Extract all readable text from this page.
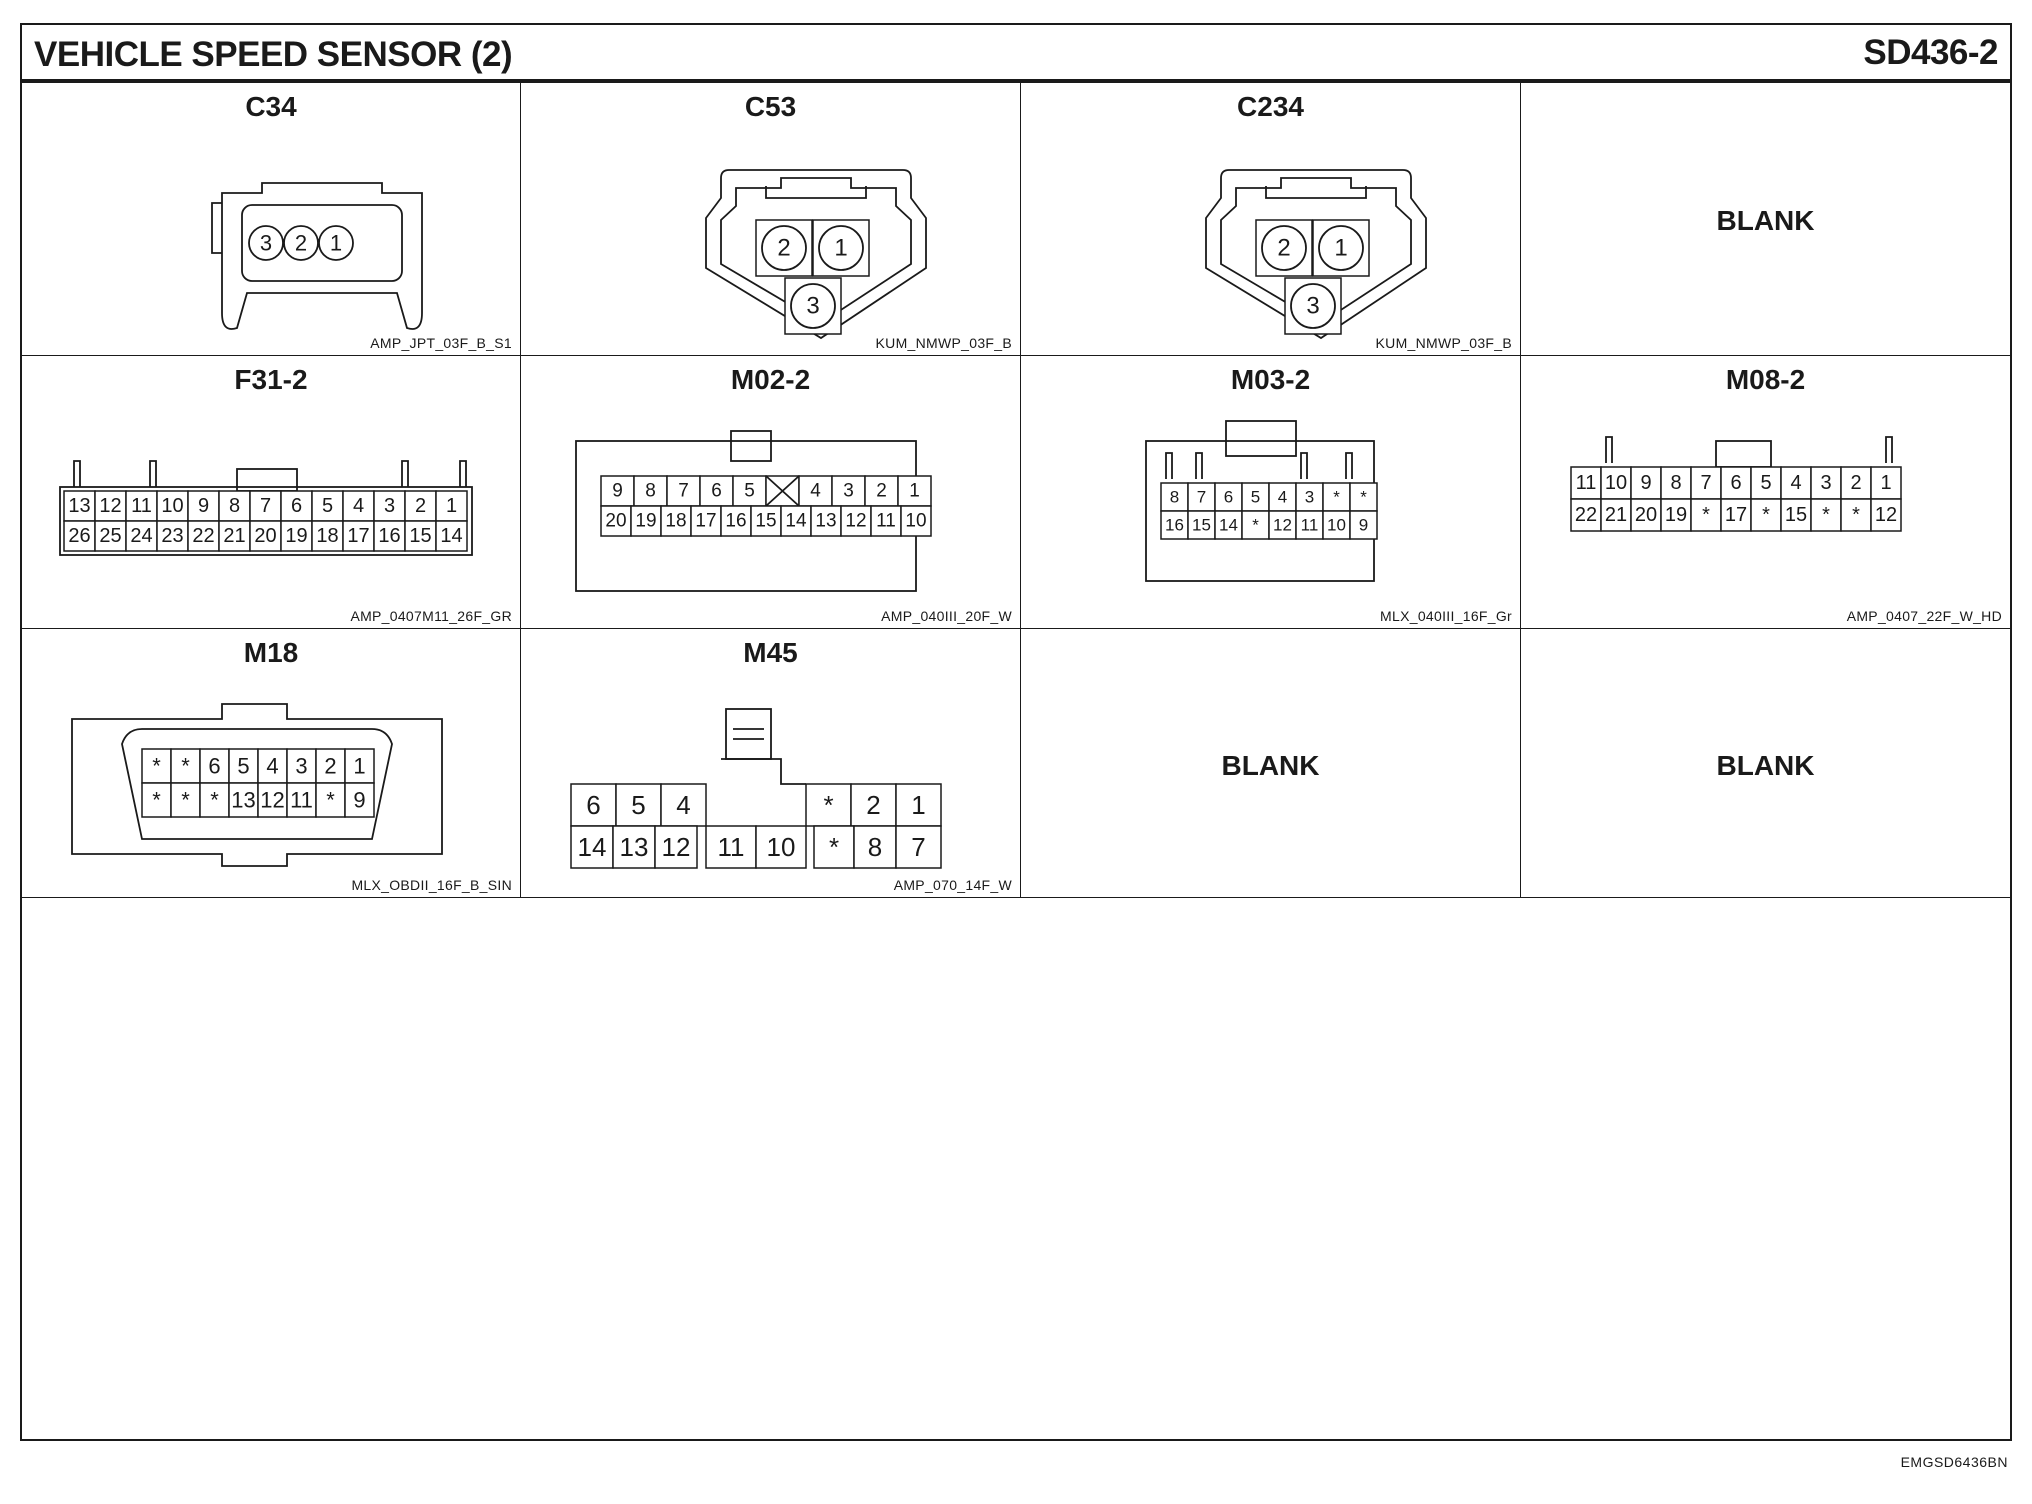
VEHICLE SPEED SENSOR (2)	SD436-2
C34
AMP_JPT_03F_B_S1
3 2 1
C53
KUM_NMWP_03F_B
2 1
3
C234
KUM_NMWP_03F_B
2 1
3
BLANK
F31-2
AMP_0407M11_26F_GR
13 12 11 10 9 8 7 6 5 4 3 2 1
26 25 24 23 22 21 20 19 18 17 16 15 14
M02-2
AMP_040III_20F_W
9 8 7 6 5	4 3 2 1
20 19 18 17 16 15 14 13 12 11 10
M03-2
MLX_040III_16F_Gr
8 7 6 5 4 3 * *
16 15 14 * 12 11 10 9
M08-2
AMP_0407_22F_W_HD
11 10 9 8 7 6 5 4 3 2 1
22 21 20 19 * 17 * 15 * * 12
M18
MLX_OBDII_16F_B_SIN
* * 6 5 4 3 2 1
* * * 13 12 11 * 9
M45
AMP_070_14F_W
6 5 4	* 2 1
14 13 12 11 10 * 8 7
BLANK	BLANK
EMGSD6436BN
